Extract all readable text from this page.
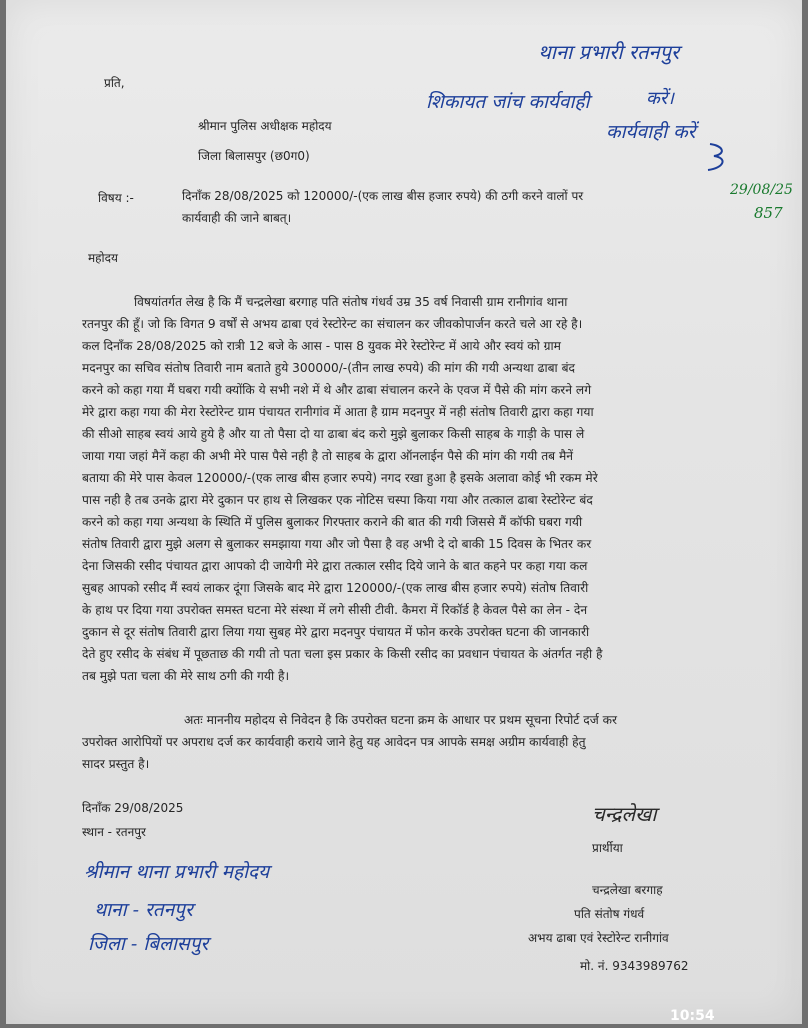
थाना प्रभारी रतनपुर

शिकायत जांच कार्यवाही	करें।

कार्यवाही करें

29/08/25

857

प्रति,

श्रीमान पुलिस अधीक्षक महोदय

जिला बिलासपुर (छ0ग0)

विषय :-	दिनाँक 28/08/2025 को 120000/-(एक लाख बीस हजार रुपये) की ठगी करने वालों पर

कार्यवाही की जाने बाबत्।

महोदय

विषयांतर्गत लेख है कि मैं चन्द्रलेखा बरगाह पति संतोष गंधर्व उम्र 35 वर्ष निवासी ग्राम रानीगांव थाना

रतनपुर की हूँ। जो कि विगत 9 वर्षों से अभय ढाबा एवं रेस्टोरेन्ट का संचालन कर जीवकोपार्जन करते चले आ रहे है।

कल दिनाँक 28/08/2025 को रात्री 12 बजे के आस - पास 8 युवक मेरे रेस्टोरेन्ट में आये और स्वयं को ग्राम

मदनपुर का सचिव संतोष तिवारी नाम बताते हुये 300000/-(तीन लाख रुपये) की मांग की गयी अन्यथा ढाबा बंद

करने को कहा गया मैं घबरा गयी क्योंकि ये सभी नशे में थे और ढाबा संचालन करने के एवज में पैसे की मांग करने लगे

मेरे द्वारा कहा गया की मेरा रेस्टोरेन्ट ग्राम पंचायत रानीगांव में आता है ग्राम मदनपुर में नही संतोष तिवारी द्वारा कहा गया

की सीओ साहब स्वयं आये हुये है और या तो पैसा दो या ढाबा बंद करो मुझे बुलाकर किसी साहब के गाड़ी के पास ले

जाया गया जहां मैनें कहा की अभी मेरे पास पैसे नही है तो साहब के द्वारा ऑनलाईन पैसे की मांग की गयी तब मैनें

बताया की मेरे पास केवल 120000/-(एक लाख बीस हजार रुपये) नगद रखा हुआ है इसके अलावा कोई भी रकम मेरे

पास नही है तब उनके द्वारा मेरे दुकान पर हाथ से लिखकर एक नोटिस चस्पा किया गया और तत्काल ढाबा रेस्टोरेन्ट बंद

करने को कहा गया अन्यथा के स्थिति में पुलिस बुलाकर गिरफ्तार कराने की बात की गयी जिससे मैं कॉफी घबरा गयी

संतोष तिवारी द्वारा मुझे अलग से बुलाकर समझाया गया और जो पैसा है वह अभी दे दो बाकी 15 दिवस के भितर कर

देना जिसकी रसीद पंचायत द्वारा आपको दी जायेगी मेरे द्वारा तत्काल रसीद दिये जाने के बात कहने पर कहा गया कल

सुबह आपको रसीद मैं स्वयं लाकर दूंगा जिसके बाद मेरे द्वारा 120000/-(एक लाख बीस हजार रुपये) संतोष तिवारी

के हाथ पर दिया गया उपरोक्त समस्त घटना मेरे संस्था में लगे सीसी टीवी. कैमरा में रिकॉर्ड है केवल पैसे का लेन - देन

दुकान से दूर संतोष तिवारी द्वारा लिया गया सुबह मेरे द्वारा मदनपुर पंचायत में फोन करके उपरोक्त घटना की जानकारी

देते हुए रसीद के संबंध में पूछताछ की गयी तो पता चला इस प्रकार के किसी रसीद का प्रवधान पंचायत के अंतर्गत नही है

तब मुझे पता चला की मेरे साथ ठगी की गयी है।

अतः माननीय महोदय से निवेदन है कि उपरोक्त घटना क्रम के आधार पर प्रथम सूचना रिपोर्ट दर्ज कर

उपरोक्त आरोपियों पर अपराध दर्ज कर कार्यवाही कराये जाने हेतु यह आवेदन पत्र आपके समक्ष अग्रीम कार्यवाही हेतु

सादर प्रस्तुत है।

दिनाँक 29/08/2025

स्थान - रतनपुर

चन्द्रलेखा

प्रार्थीया

श्रीमान थाना प्रभारी महोदय

थाना - रतनपुर

जिला - बिलासपुर

चन्द्रलेखा बरगाह

पति संतोष गंधर्व

अभय ढाबा एवं रेस्टोरेन्ट रानीगांव

मो. नं. 9343989762

10:54
